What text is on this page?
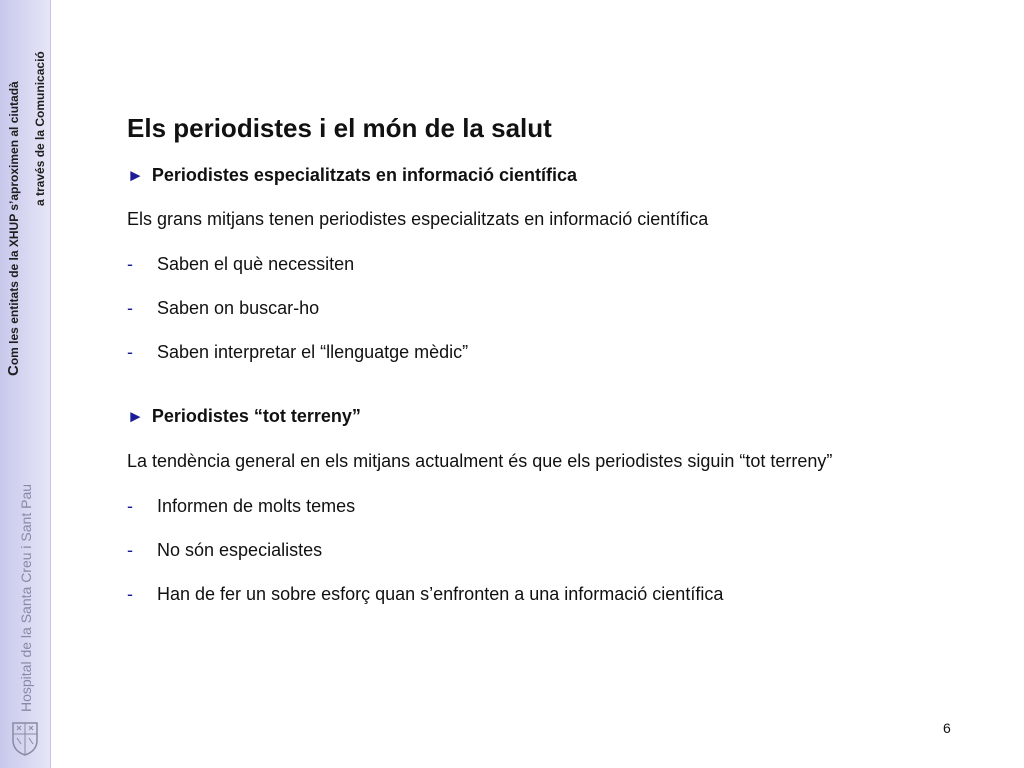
Com les entitats de la XHUP s’aproximen al ciutadà a través de la Comunicació
Hospital de la Santa Creu i Sant Pau
Els periodistes i el món de la salut
► Periodistes especialitzats en informació científica
Els grans mitjans tenen periodistes especialitzats en informació científica
- Saben el què necessiten
- Saben on buscar-ho
- Saben interpretar el “llenguatge mèdic”
► Periodistes “tot terreny”
La tendència general en els mitjans actualment és que els periodistes siguin “tot terreny”
- Informen de molts temes
- No són especialistes
- Han de fer un sobre esforç quan s’enfronten a una informació científica
6
